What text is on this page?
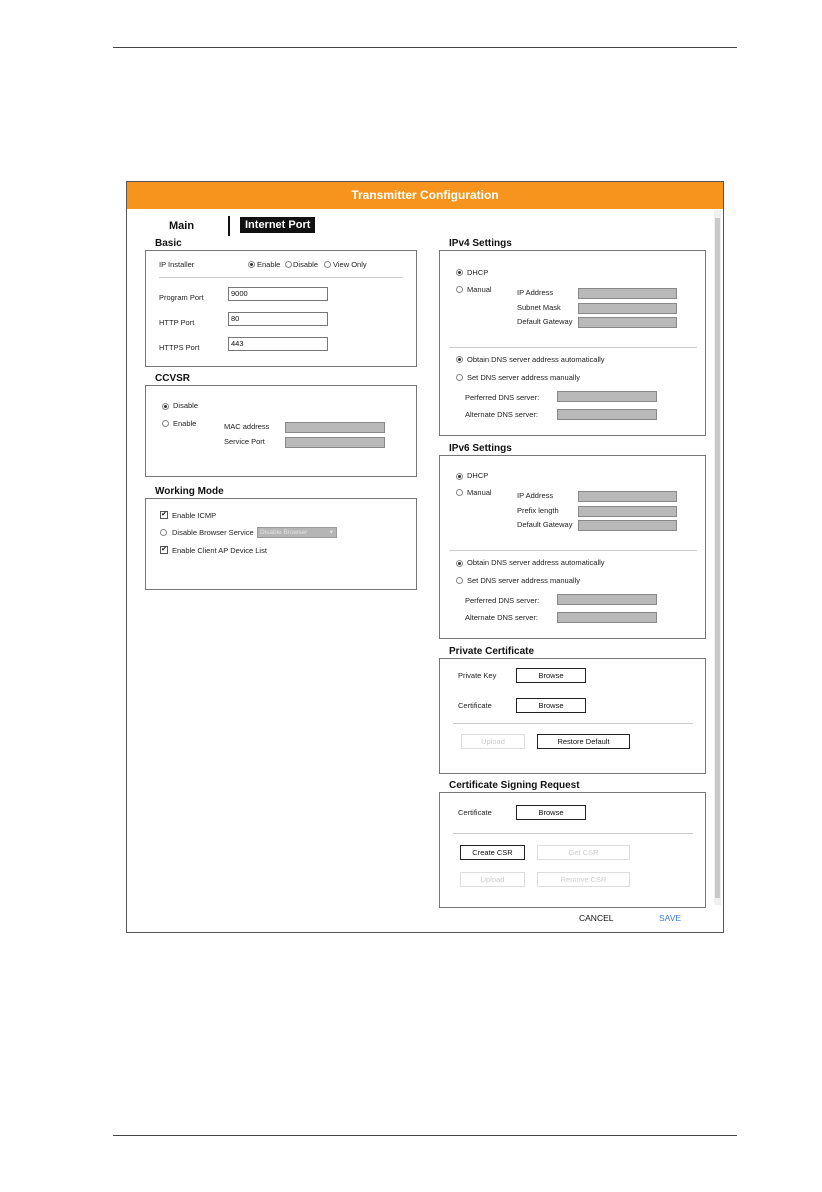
Transmitter Configuration
Main	Internet Port
Basic
IP Installer	Enable Disable View Only
Program Port	9000
HTTP Port	80
HTTPS Port	443
CCVSR
Disable
Enable	MAC address
Service Port
Working Mode
✔ Enable ICMP
Disable Browser Service Disable Browser	▾
✔ Enable Client AP Device List
IPv4 Settings
DHCP
Manual	IP Address
Subnet Mask
Default Gateway
Obtain DNS server address automatically
Set DNS server address manually
Perferred DNS server:
Alternate DNS server:
IPv6 Settings
DHCP
Manual	IP Address
Prefix length
Default Gateway
Obtain DNS server address automatically
Set DNS server address manually
Perferred DNS server:
Alternate DNS server:
Private Certificate
Private Key	Browse
Certificate	Browse
Upload	Restore Default
Certificate Signing Request
Certificate	Browse
Create CSR	Get CSR
Upload	Remove CSR
CANCEL	SAVE
